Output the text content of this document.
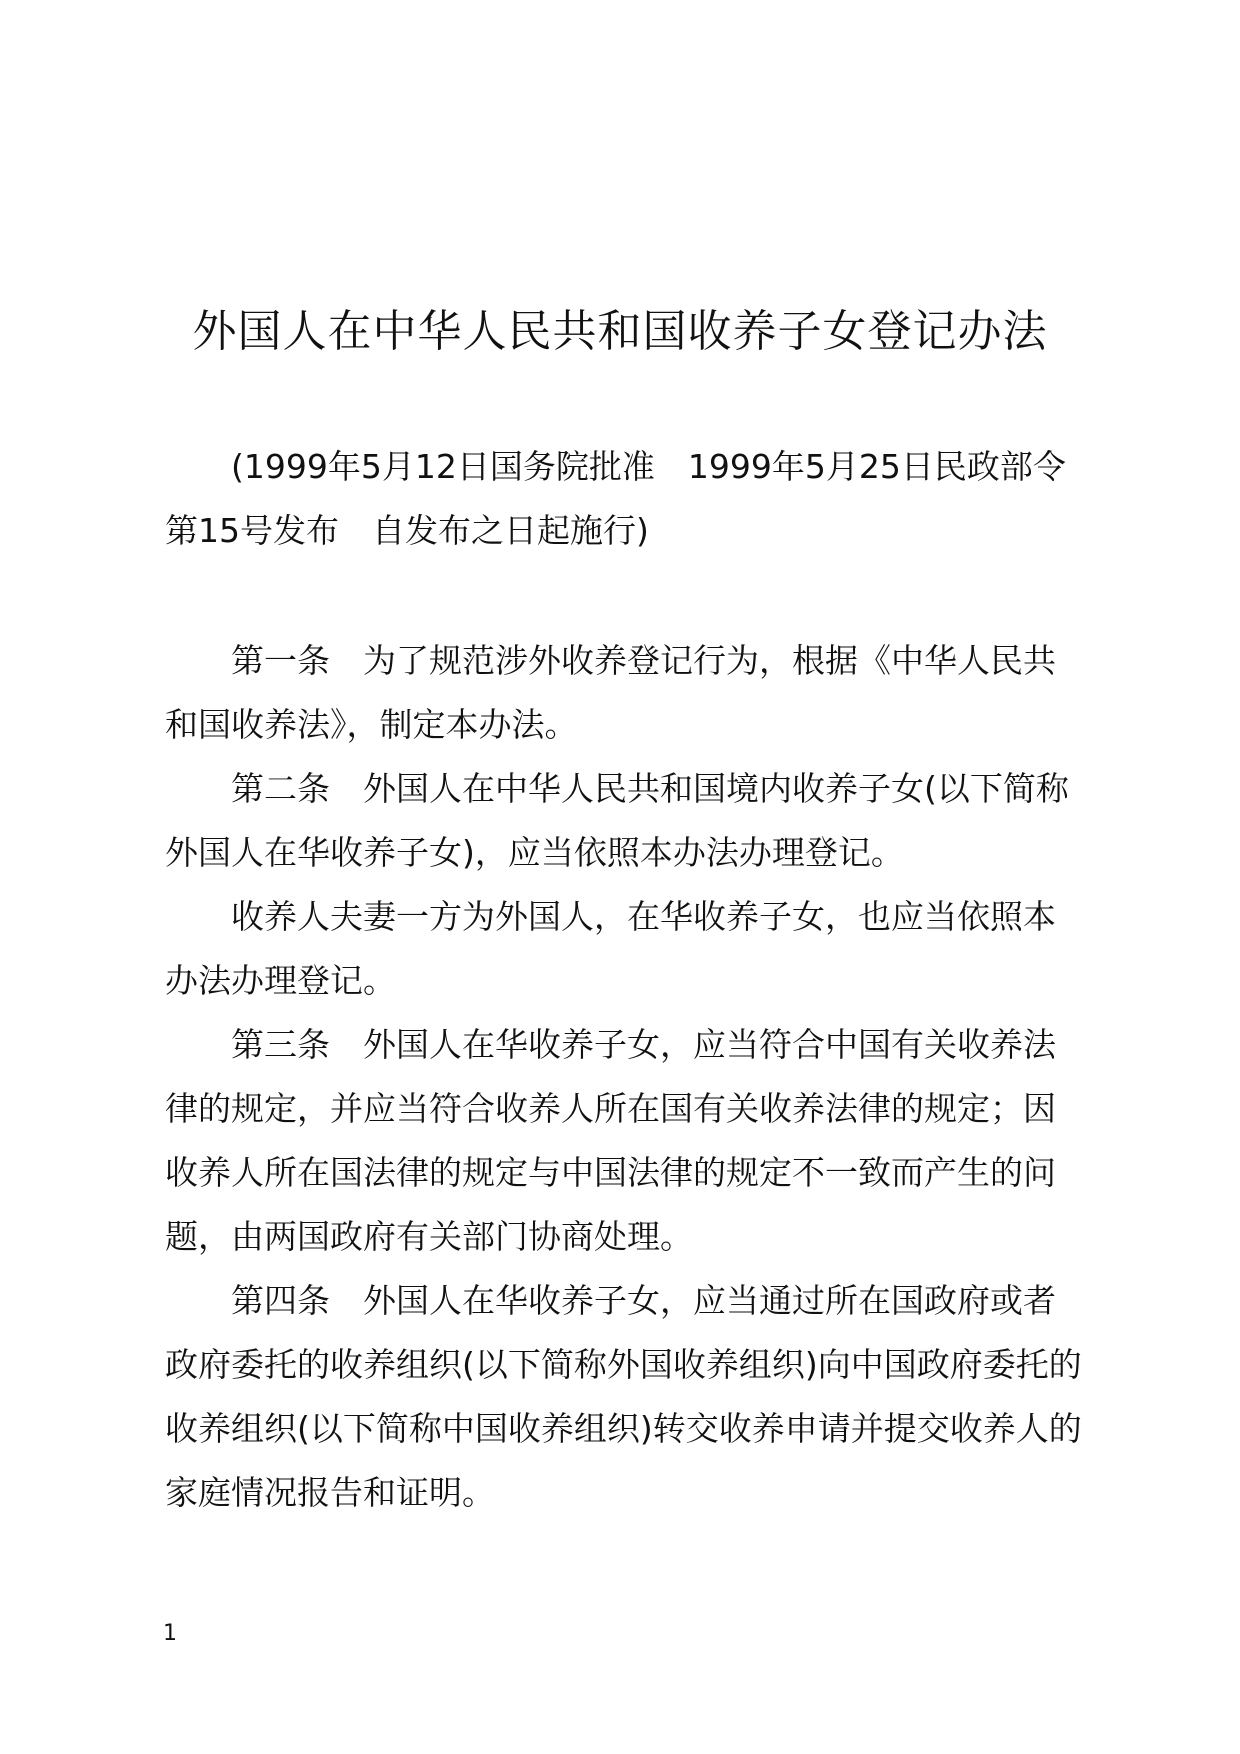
外国人在中华人民共和国收养子女登记办法

(1999年5月12日国务院批准　1999年5月25日民政部令第15号发布　自发布之日起施行)

第一条　为了规范涉外收养登记行为，根据《中华人民共和国收养法》，制定本办法。

第二条　外国人在中华人民共和国境内收养子女(以下简称外国人在华收养子女)，应当依照本办法办理登记。

收养人夫妻一方为外国人，在华收养子女，也应当依照本办法办理登记。

第三条　外国人在华收养子女，应当符合中国有关收养法律的规定，并应当符合收养人所在国有关收养法律的规定；因收养人所在国法律的规定与中国法律的规定不一致而产生的问题，由两国政府有关部门协商处理。

第四条　外国人在华收养子女，应当通过所在国政府或者政府委托的收养组织(以下简称外国收养组织)向中国政府委托的收养组织(以下简称中国收养组织)转交收养申请并提交收养人的家庭情况报告和证明。

1
